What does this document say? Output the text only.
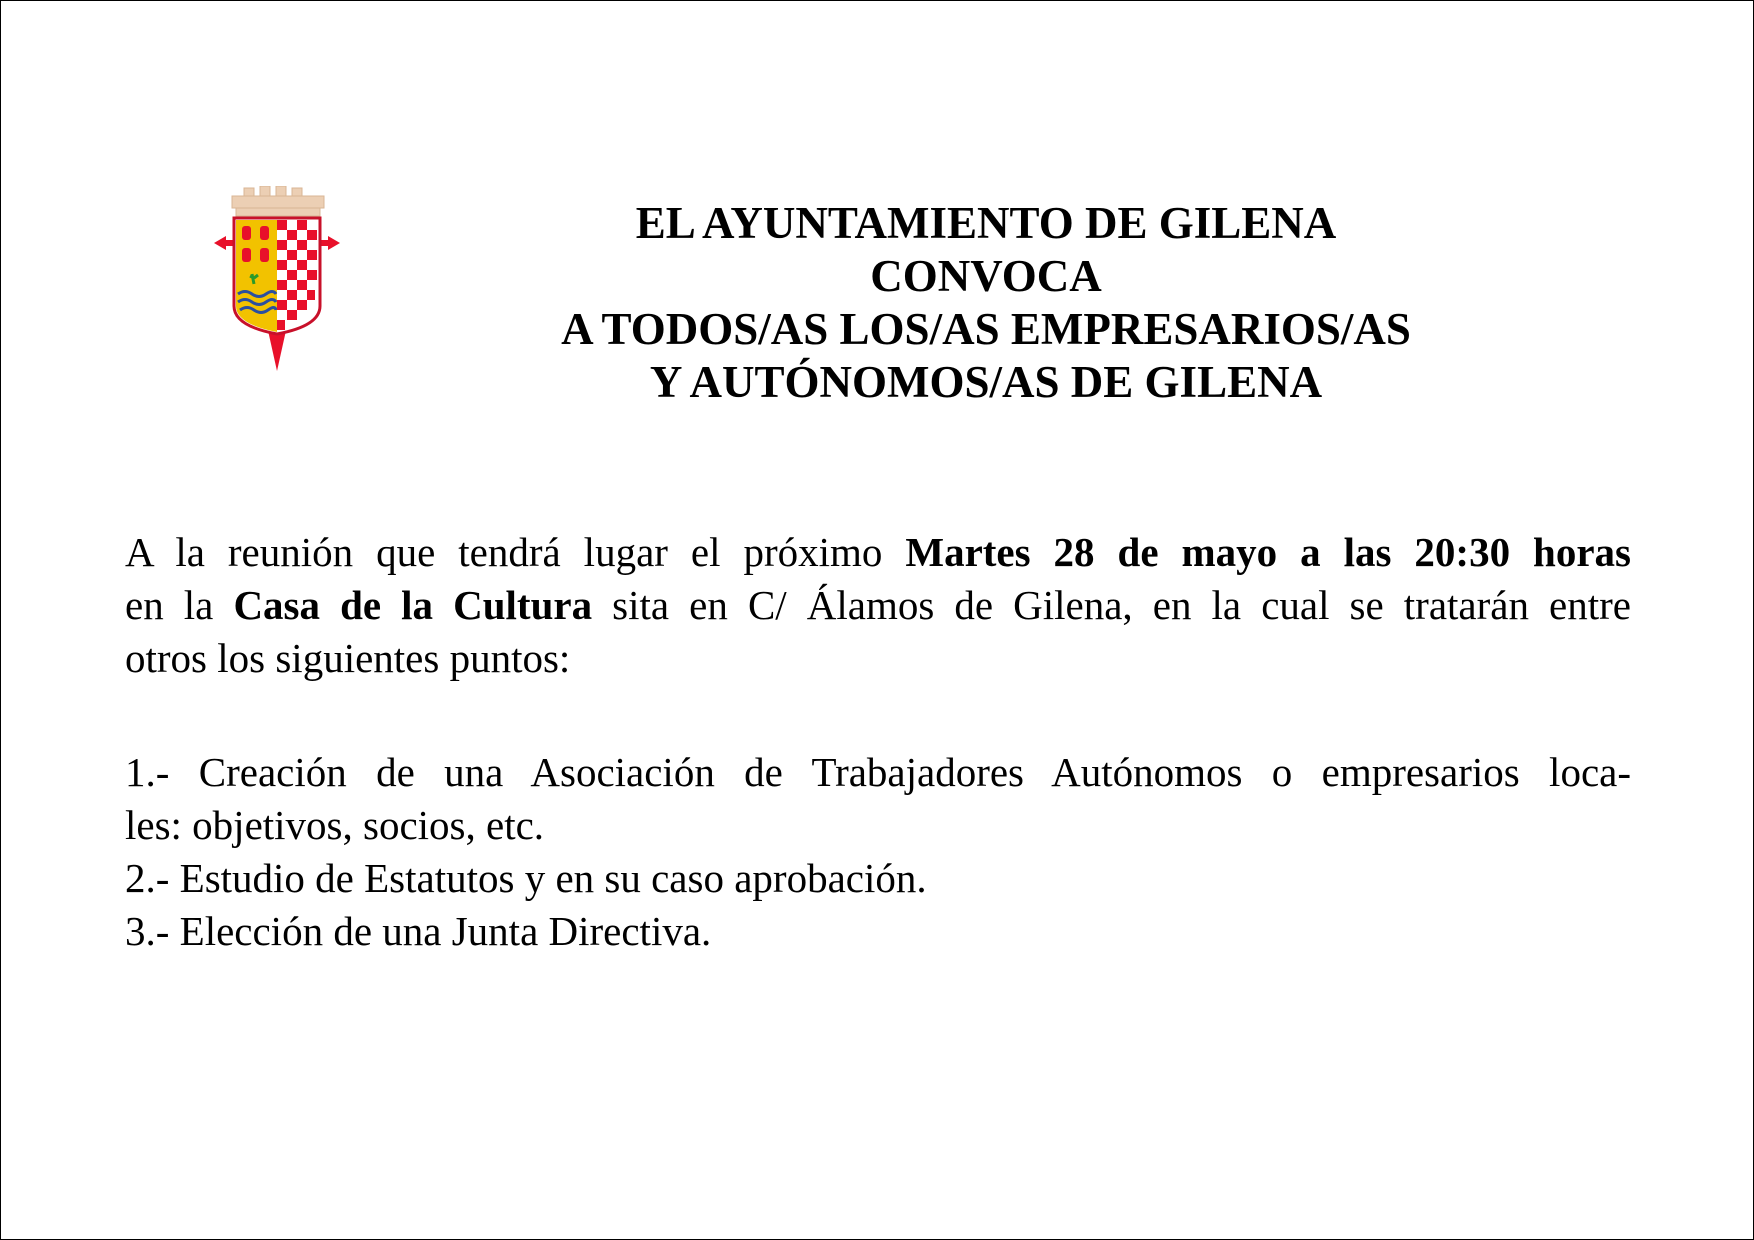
EL AYUNTAMIENTO DE GILENA
CONVOCA
A TODOS/AS LOS/AS EMPRESARIOS/AS
Y AUTÓNOMOS/AS DE GILENA
A la reunión que tendrá lugar el próximo Martes 28 de mayo a las 20:30 horas
en la Casa de la Cultura sita en C/ Álamos de Gilena, en la cual se tratarán entre
otros los siguientes puntos:
1.- Creación de una Asociación de Trabajadores Autónomos o empresarios loca-
les: objetivos, socios, etc.
2.- Estudio de Estatutos y en su caso aprobación.
3.- Elección de una Junta Directiva.
